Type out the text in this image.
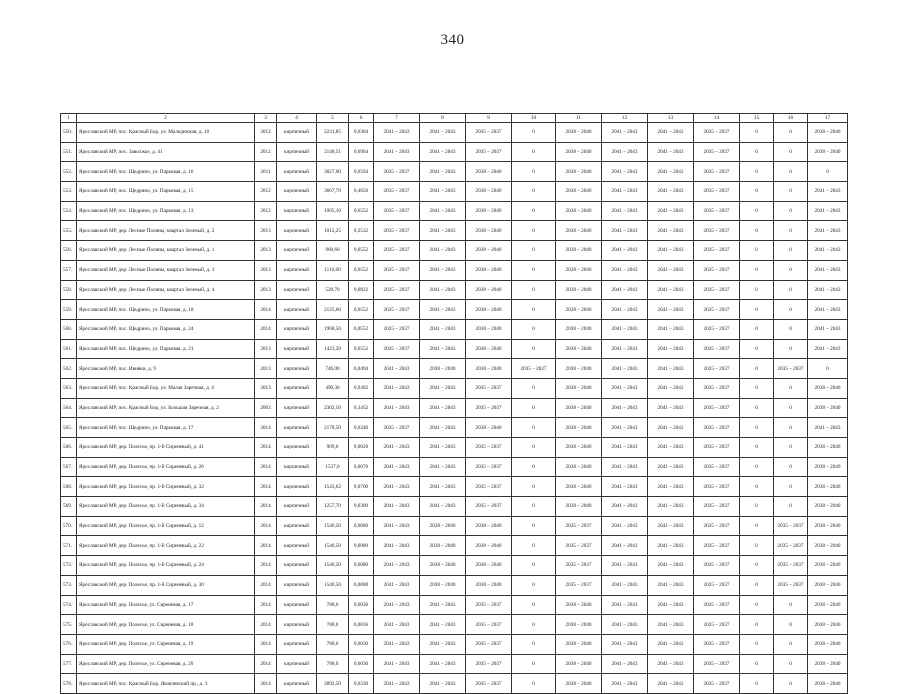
340
1	2	3	4	5	6	7	8	9	10	11	12	13	14	15	16	17
550.	Ярославский МР, пос. Красный Бор, ул. Молодежная, д. 10	2012	кирпичный	2231,85	0,0304	2041 – 2043	2041 – 2043	2035 – 2037	0	2038 – 2040	2041 – 2043	2041 – 2043	2035 – 2037	0	0	2038 – 2040
551.	Ярославский МР, пос. Заволжье, д. 41	2012	кирпичный	2148,51	0,0964	2041 – 2043	2041 – 2043	2035 – 2037	0	2038 – 2040	2041 – 2043	2041 – 2043	2035 – 2037	0	0	2038 – 2040
552.	Ярославский МР, пос. Щедрино, ул. Парковая, д. 16	2011	кирпичный	3027,00	0,0594	2035 – 2037	2041 – 2043	2038 – 2040	0	2038 – 2040	2041 – 2043	2041 – 2043	2035 – 2037	0	0	0
553.	Ярославский МР, пос. Щедрино, ул. Парковая, д. 15	2012	кирпичный	3667,70	0,4656	2035 – 2037	2041 – 2043	2038 – 2040	0	2038 – 2040	2041 – 2043	2041 – 2043	2035 – 2037	0	0	2041 – 2043
554.	Ярославский МР, пос. Щедрино, ул. Парковая, д. 13	2012	кирпичный	1005,10	0,6552	2035 – 2037	2041 – 2043	2038 – 2040	0	2038 – 2040	2041 – 2043	2041 – 2043	2035 – 2037	0	0	2041 – 2043
555.	Ярославский МР, дер. Лесные Поляны, квартал Зеленый, д. 2	2013	кирпичный	1012,25	0,2532	2035 – 2037	2041 – 2043	2038 – 2040	0	2038 – 2040	2041 – 2043	2041 – 2043	2035 – 2037	0	0	2041 – 2043
556.	Ярославский МР, дер. Лесные Поляны, квартал Зеленый, д. 1	2013	кирпичный	960,60	0,0552	2035 – 2037	2041 – 2043	2038 – 2040	0	2038 – 2040	2041 – 2043	2041 – 2043	2035 – 2037	0	0	2041 – 2043
557.	Ярославский МР, дер. Лесные Поляны, квартал Зеленый, д. 3	2013	кирпичный	1116,60	0,0552	2035 – 2037	2041 – 2043	2038 – 2040	0	2038 – 2040	2041 – 2043	2041 – 2043	2035 – 2037	0	0	2041 – 2043
558.	Ярославский МР, дер. Лесные Поляны, квартал Зеленый, д. 4	2013	кирпичный	520,70	0,0822	2035 – 2037	2041 – 2043	2038 – 2040	0	2038 – 2040	2041 – 2043	2041 – 2043	2035 – 2037	0	0	2041 – 2043
559.	Ярославский МР, пос. Щедрино, ул. Парковая, д. 18	2014	кирпичный	2125,60	0,0552	2035 – 2037	2041 – 2043	2038 – 2040	0	2038 – 2040	2041 – 2043	2041 – 2043	2035 – 2037	0	0	2041 – 2043
560.	Ярославский МР, пос. Щедрино, ул. Парковая, д. 24	2014	кирпичный	1968,50	0,0552	2035 – 2037	2041 – 2043	2038 – 2040	0	2038 – 2040	2041 – 2043	2041 – 2043	2035 – 2037	0	0	2041 – 2043
561.	Ярославский МР, пос. Щедрино, ул. Парковая, д. 21	2013	кирпичный	1423,20	0,0552	2035 – 2037	2041 – 2043	2038 – 2040	0	2038 – 2040	2041 – 2043	2041 – 2043	2035 – 2037	0	0	2041 – 2043
562.	Ярославский МР, пос. Ивняки, д. 9	2013	кирпичный	746,00	0,0494	2041 – 2043	2038 – 2040	2038 – 2040	2035 – 2037	2038 – 2040	2041 – 2043	2041 – 2043	2035 – 2037	0	2035 – 2037	0
563.	Ярославский МР, пос. Красный Бор, ул. Малая Заречная, д. 4	2013	кирпичный	490,30	0,9492	2041 – 2043	2041 – 2043	2035 – 2037	0	2038 – 2040	2041 – 2043	2041 – 2043	2035 – 2037	0	0	2038 – 2040
564.	Ярославский МР, пос. Красный Бор, ул. Большая Заречная, д. 2	2003	кирпичный	2302,50	0,3452	2041 – 2043	2041 – 2043	2035 – 2037	0	2038 – 2040	2041 – 2043	2041 – 2043	2035 – 2037	0	0	2038 – 2040
565.	Ярославский МР, пос. Щедрино, ул. Парковая, д. 17	2014	кирпичный	2178,50	0,0240	2035 – 2037	2041 – 2043	2038 – 2040	0	2038 – 2040	2041 – 2043	2041 – 2043	2035 – 2037	0	0	2041 – 2043
566.	Ярославский МР, дер. Полесье, пр. 1-й Сиреневый, д. 41	2014	кирпичный	909,0	0,0020	2041 – 2043	2041 – 2043	2035 – 2037	0	2038 – 2040	2041 – 2043	2041 – 2043	2035 – 2037	0	0	2038 – 2040
567.	Ярославский МР, дер. Полесье, пр. 1-й Сиреневый, д. 26	2014	кирпичный	1537,0	0,0070	2041 – 2043	2041 – 2043	2035 – 2037	0	2038 – 2040	2041 – 2043	2041 – 2043	2035 – 2037	0	0	2038 – 2040
568.	Ярославский МР, дер. Полесье, пр. 1-й Сиреневый, д. 32	2014	кирпичный	1543,62	0,0700	2041 – 2043	2041 – 2043	2035 – 2037	0	2038 – 2040	2041 – 2043	2041 – 2043	2035 – 2037	0	0	2038 – 2040
569.	Ярославский МР, дер. Полесье, пр. 1-й Сиреневый, д. 34	2014	кирпичный	1257,70	0,0300	2041 – 2043	2041 – 2043	2035 – 2037	0	2038 – 2040	2041 – 2043	2041 – 2043	2035 – 2037	0	0	2038 – 2040
570.	Ярославский МР, дер. Полесье, пр. 1-й Сиреневый, д. 12	2014	кирпичный	1540,50	0,0080	2041 – 2043	2038 – 2040	2038 – 2040	0	2035 – 2037	2041 – 2043	2041 – 2043	2035 – 2037	0	2035 – 2037	2038 – 2040
571.	Ярославский МР, дер. Полесье, пр. 1-й Сиреневый, д. 22	2014	кирпичный	1540,50	0,0080	2041 – 2043	2038 – 2040	2038 – 2040	0	2035 – 2037	2041 – 2043	2041 – 2043	2035 – 2037	0	2035 – 2037	2038 – 2040
572.	Ярославский МР, дер. Полесье, пр. 1-й Сиреневый, д. 24	2014	кирпичный	1540,50	0,0080	2041 – 2043	2038 – 2040	2038 – 2040	0	2035 – 2037	2041 – 2043	2041 – 2043	2035 – 2037	0	2035 – 2037	2038 – 2040
573.	Ярославский МР, дер. Полесье, пр. 1-й Сиреневый, д. 30	2014	кирпичный	1540,50	0,0080	2041 – 2043	2038 – 2040	2038 – 2040	0	2035 – 2037	2041 – 2043	2041 – 2043	2035 – 2037	0	2035 – 2037	2038 – 2040
574.	Ярославский МР, дер. Полесье, ул. Сиреневая, д. 17	2014	кирпичный	788,0	0,0036	2041 – 2043	2041 – 2043	2035 – 2037	0	2038 – 2040	2041 – 2043	2041 – 2043	2035 – 2037	0	0	2038 – 2040
575.	Ярославский МР, дер. Полесье, ул. Сиреневая, д. 18	2014	кирпичный	788,0	0,0036	2041 – 2043	2041 – 2043	2035 – 2037	0	2038 – 2040	2041 – 2043	2041 – 2043	2035 – 2037	0	0	2038 – 2040
576.	Ярославский МР, дер. Полесье, ул. Сиреневая, д. 19	2014	кирпичный	788,0	0,0030	2041 – 2043	2041 – 2043	2035 – 2037	0	2038 – 2040	2041 – 2043	2041 – 2043	2035 – 2037	0	0	2038 – 2040
577.	Ярославский МР, дер. Полесье, ул. Сиреневая, д. 20	2014	кирпичный	788,0	0,0030	2041 – 2043	2041 – 2043	2035 – 2037	0	2038 – 2040	2041 – 2043	2041 – 2043	2035 – 2037	0	0	2038 – 2040
578.	Ярославский МР, пос. Красный Бор, Яковлевский пр., д. 3	2014	кирпичный	2892,50	0,0330	2041 – 2043	2041 – 2043	2035 – 2037	0	2038 – 2040	2041 – 2043	2041 – 2043	2035 – 2037	0	0	2038 – 2040
